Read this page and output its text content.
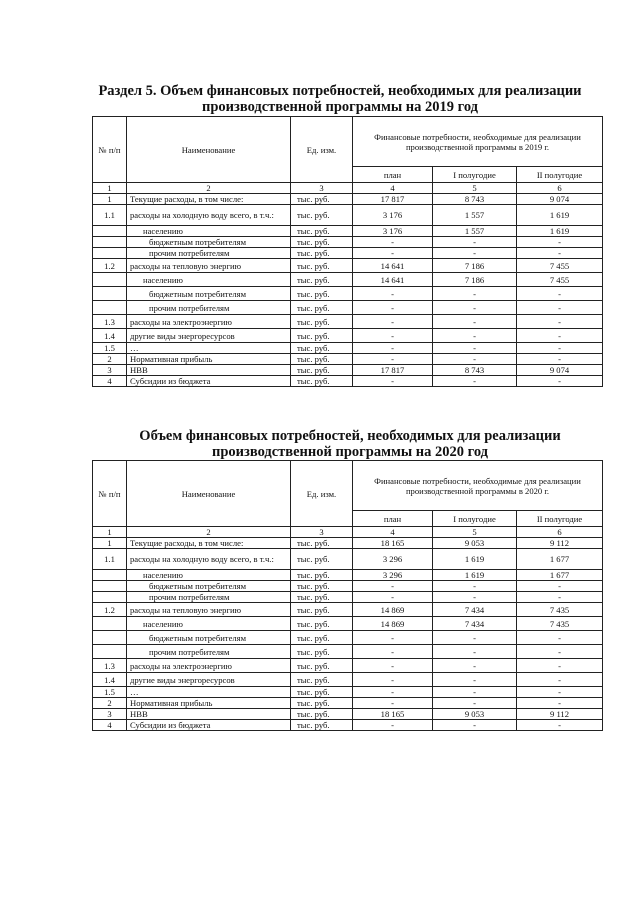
Раздел 5. Объем финансовых потребностей, необходимых для реализации производственной программы на 2019 год
№ п/п	Наименование	Ед. изм.	Финансовые потребности, необходимые для реализации производственной программы в 2019 г.		
			план	I полугодие	II полугодие
1	2	3	4	5	6
1	Текущие расходы, в том числе:	тыс. руб.	17 817	8 743	9 074
1.1	расходы на холодную воду всего, в т.ч.:	тыс. руб.	3 176	1 557	1 619
	населению	тыс. руб.	3 176	1 557	1 619
	бюджетным потребителям	тыс. руб.	-	-	-
	прочим потребителям	тыс. руб.	-	-	-
1.2	расходы на тепловую энергию	тыс. руб.	14 641	7 186	7 455
	населению	тыс. руб.	14 641	7 186	7 455
	бюджетным потребителям	тыс. руб.	-	-	-
	прочим потребителям	тыс. руб.	-	-	-
1.3	расходы на электроэнергию	тыс. руб.	-	-	-
1.4	другие виды энергоресурсов	тыс. руб.	-	-	-
1.5	…	тыс. руб.	-	-	-
2	Нормативная прибыль	тыс. руб.	-	-	-
3	НВВ	тыс. руб.	17 817	8 743	9 074
4	Субсидии из бюджета	тыс. руб.	-	-	-
Объем финансовых потребностей, необходимых для реализации производственной программы на 2020 год
№ п/п	Наименование	Ед. изм.	Финансовые потребности, необходимые для реализации производственной программы в 2020 г.		
			план	I полугодие	II полугодие
1	2	3	4	5	6
1	Текущие расходы, в том числе:	тыс. руб.	18 165	9 053	9 112
1.1	расходы на холодную воду всего, в т.ч.:	тыс. руб.	3 296	1 619	1 677
	населению	тыс. руб.	3 296	1 619	1 677
	бюджетным потребителям	тыс. руб.	-	-	-
	прочим потребителям	тыс. руб.	-	-	-
1.2	расходы на тепловую энергию	тыс. руб.	14 869	7 434	7 435
	населению	тыс. руб.	14 869	7 434	7 435
	бюджетным потребителям	тыс. руб.	-	-	-
	прочим потребителям	тыс. руб.	-	-	-
1.3	расходы на электроэнергию	тыс. руб.	-	-	-
1.4	другие виды энергоресурсов	тыс. руб.	-	-	-
1.5	…	тыс. руб.	-	-	-
2	Нормативная прибыль	тыс. руб.	-	-	-
3	НВВ	тыс. руб.	18 165	9 053	9 112
4	Субсидии из бюджета	тыс. руб.	-	-	-
